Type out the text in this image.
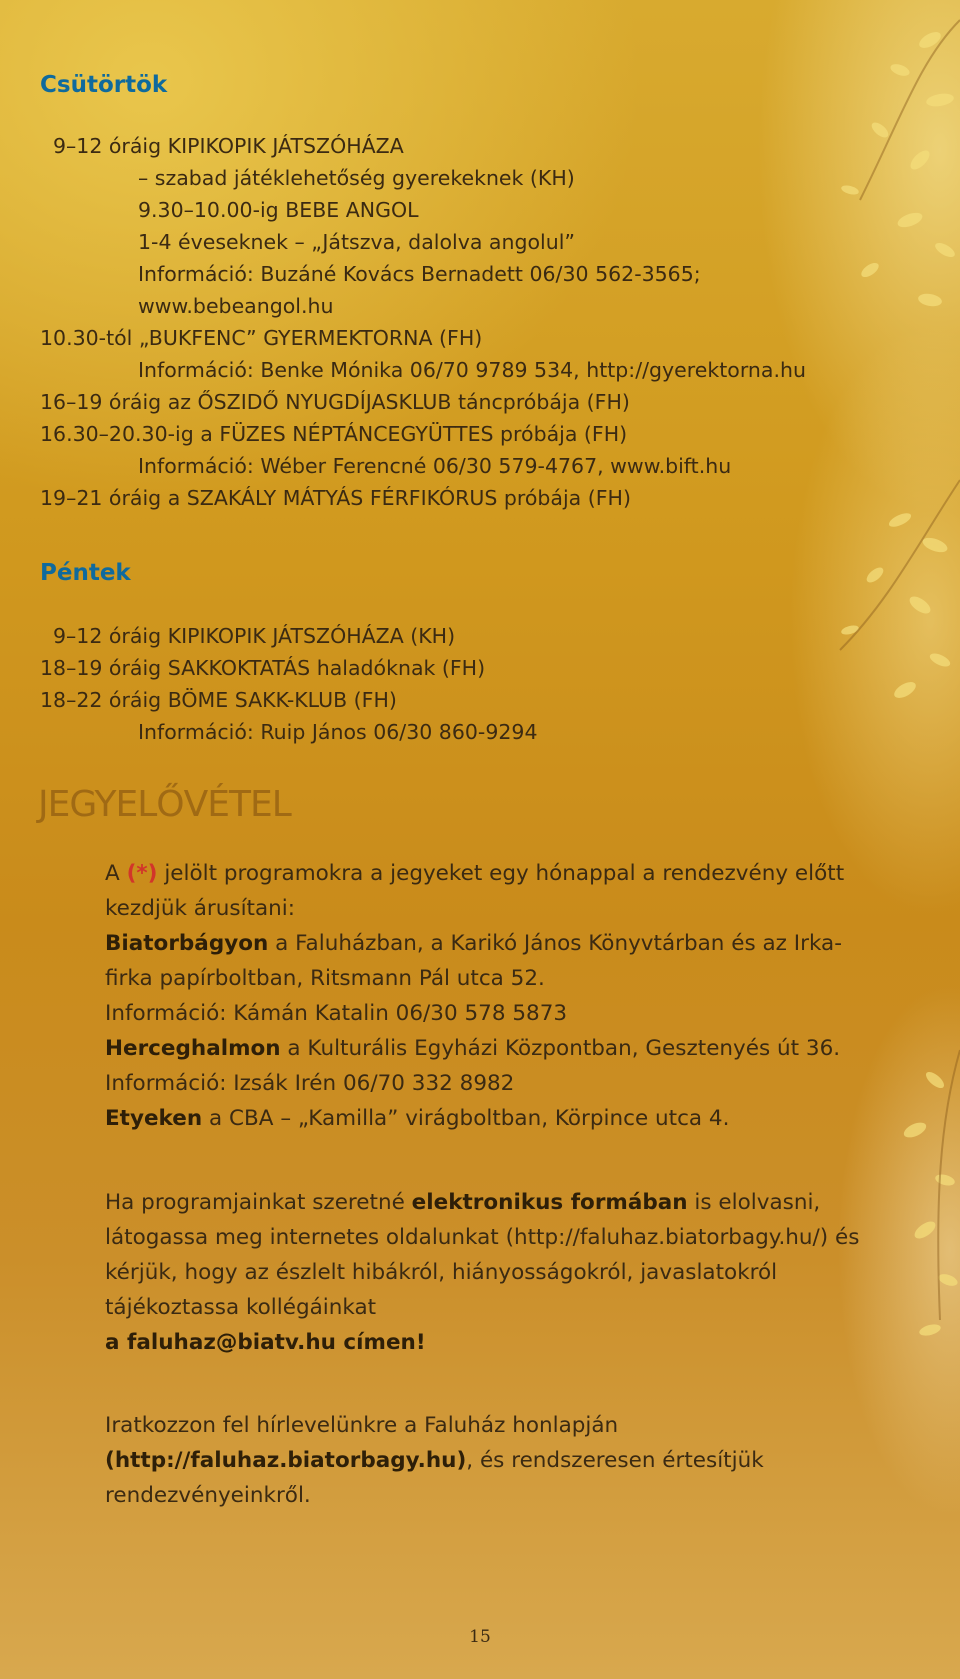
Csütörtök

9–12 óráig KIPIKOPIK JÁTSZÓHÁZA

– szabad játéklehetőség gyerekeknek (KH)

9.30–10.00-ig BEBE ANGOL

1-4 éveseknek – „Játszva, dalolva angolul”

Információ: Buzáné Kovács Bernadett 06/30 562-3565;

www.bebeangol.hu

10.30-tól „BUKFENC” GYERMEKTORNA (FH)

Információ: Benke Mónika 06/70 9789 534, http://gyerektorna.hu

16–19 óráig az ŐSZIDŐ NYUGDÍJASKLUB táncpróbája (FH)

16.30–20.30-ig a FÜZES NÉPTÁNCEGYÜTTES próbája (FH)

Információ: Wéber Ferencné 06/30 579-4767, www.bift.hu

19–21 óráig a SZAKÁLY MÁTYÁS FÉRFIKÓRUS próbája (FH)

Péntek

9–12 óráig KIPIKOPIK JÁTSZÓHÁZA (KH)

18–19 óráig SAKKOKTATÁS haladóknak (FH)

18–22 óráig BÖME SAKK-KLUB (FH)

Információ: Ruip János 06/30 860-9294

JEGYELŐVÉTEL
A (*) jelölt programokra a jegyeket egy hónappal a rendezvény előtt kezdjük árusítani:
Biatorbágyon a Faluházban, a Karikó János Könyvtárban és az Irka-firka papírboltban, Ritsmann Pál utca 52.
Információ: Kámán Katalin 06/30 578 5873
Herceghalmon a Kulturális Egyházi Központban, Gesztenyés út 36. Információ: Izsák Irén 06/70 332 8982
Etyeken a CBA – „Kamilla” virágboltban, Körpince utca 4.
Ha programjainkat szeretné elektronikus formában is elolvasni, látogassa meg internetes oldalunkat (http://faluhaz.biatorbagy.hu/) és kérjük, hogy az észlelt hibákról, hiányosságokról, javaslatokról tájékoztassa kollégáinkat
a faluhaz@biatv.hu címen!
Iratkozzon fel hírlevelünkre a Faluház honlapján
(http://faluhaz.biatorbagy.hu), és rendszeresen értesítjük rendezvényeinkről.
15
